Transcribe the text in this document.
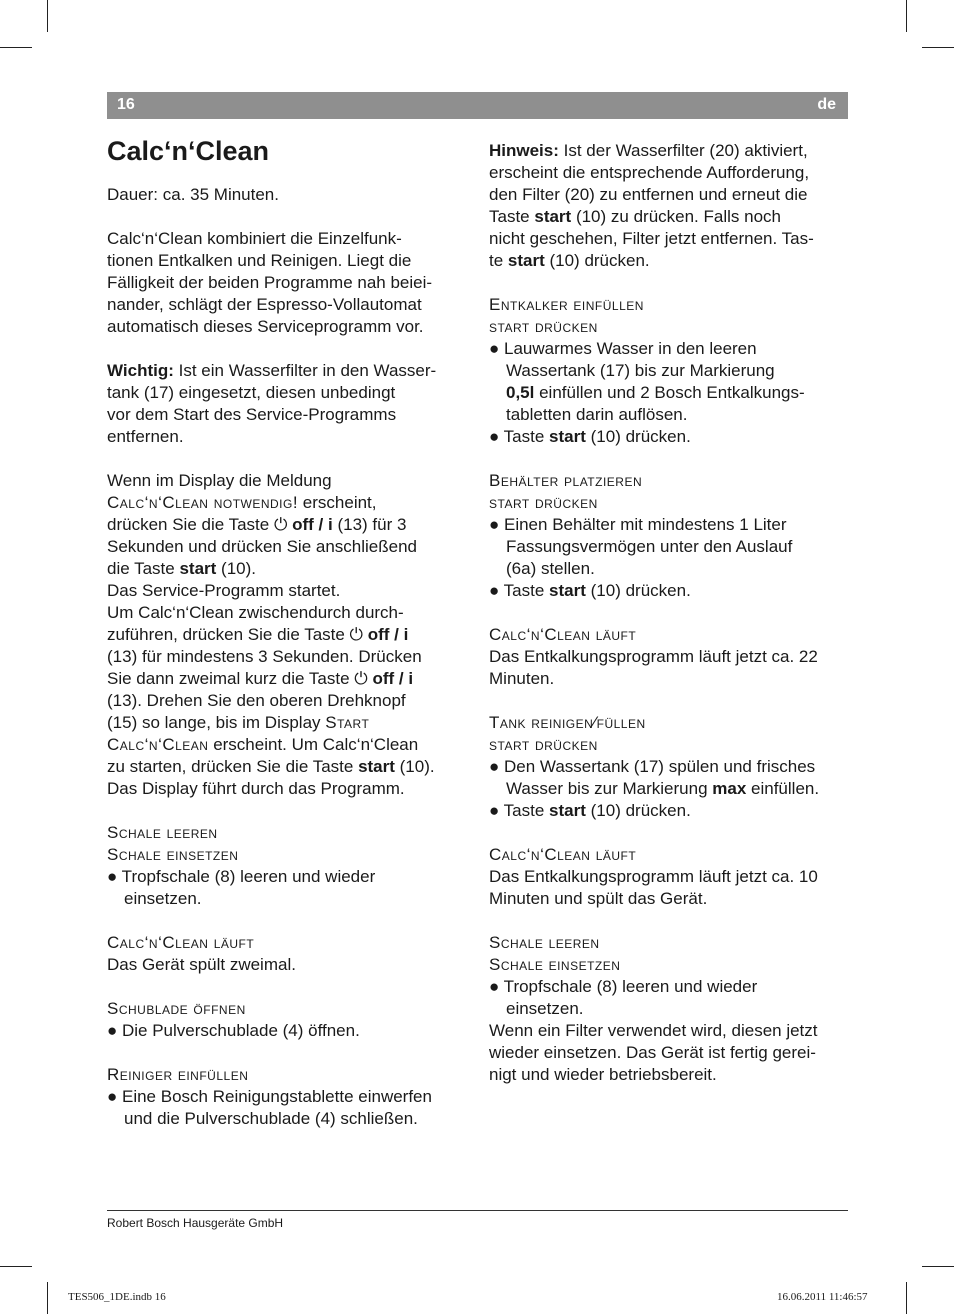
16	de
Calc‘n‘Clean
Dauer: ca. 35 Minuten.
Calc‘n‘Clean kombiniert die Einzelfunk-
tionen Entkalken und Reinigen. Liegt die
Fälligkeit der beiden Programme nah beiei-
nander, schlägt der Espresso-Vollautomat
automatisch dieses Serviceprogramm vor.
Wichtig: Ist ein Wasserfilter in den Wasser-
tank (17) eingesetzt, diesen unbedingt
vor dem Start des Service-Programms
entfernen.
Wenn im Display die Meldung
Calc‘n‘Clean notwendig! erscheint,
drücken Sie die Taste ⏻ off / i (13) für 3
Sekunden und drücken Sie anschließend
die Taste start (10).
Das Service-Programm startet.
Um Calc‘n‘Clean zwischendurch durch-
zuführen, drücken Sie die Taste ⏻ off / i
(13) für mindestens 3 Sekunden. Drücken
Sie dann zweimal kurz die Taste ⏻ off / i
(13). Drehen Sie den oberen Drehknopf
(15) so lange, bis im Display Start
Calc‘n‘Clean erscheint. Um Calc‘n‘Clean
zu starten, drücken Sie die Taste start (10).
Das Display führt durch das Programm.
Schale leeren
Schale einsetzen
● Tropfschale (8) leeren und wieder
einsetzen.
Calc‘n‘Clean läuft
Das Gerät spült zweimal.
Schublade öffnen
● Die Pulverschublade (4) öffnen.
Reiniger einfüllen
● Eine Bosch Reinigungstablette einwerfen
und die Pulverschublade (4) schließen.
Hinweis: Ist der Wasserfilter (20) aktiviert,
erscheint die entsprechende Aufforderung,
den Filter (20) zu entfernen und erneut die
Taste start (10) zu drücken. Falls noch
nicht geschehen, Filter jetzt entfernen. Tas-
te start (10) drücken.
Entkalker einfüllen
start drücken
● Lauwarmes Wasser in den leeren
Wassertank (17) bis zur Markierung
0,5l einfüllen und 2 Bosch Entkalkungs-
tabletten darin auflösen.
● Taste start (10) drücken.
Behälter platzieren
start drücken
● Einen Behälter mit mindestens 1 Liter
Fassungsvermögen unter den Auslauf
(6a) stellen.
● Taste start (10) drücken.
Calc‘n‘Clean läuft
Das Entkalkungsprogramm läuft jetzt ca. 22
Minuten.
Tank reinigen⁄füllen
start drücken
● Den Wassertank (17) spülen und frisches
Wasser bis zur Markierung max einfüllen.
● Taste start (10) drücken.
Calc‘n‘Clean läuft
Das Entkalkungsprogramm läuft jetzt ca. 10
Minuten und spült das Gerät.
Schale leeren
Schale einsetzen
● Tropfschale (8) leeren und wieder
einsetzen.
Wenn ein Filter verwendet wird, diesen jetzt
wieder einsetzen. Das Gerät ist fertig gerei-
nigt und wieder betriebsbereit.
Robert Bosch Hausgeräte GmbH
TES506_1DE.indb 16	16.06.2011 11:46:57
